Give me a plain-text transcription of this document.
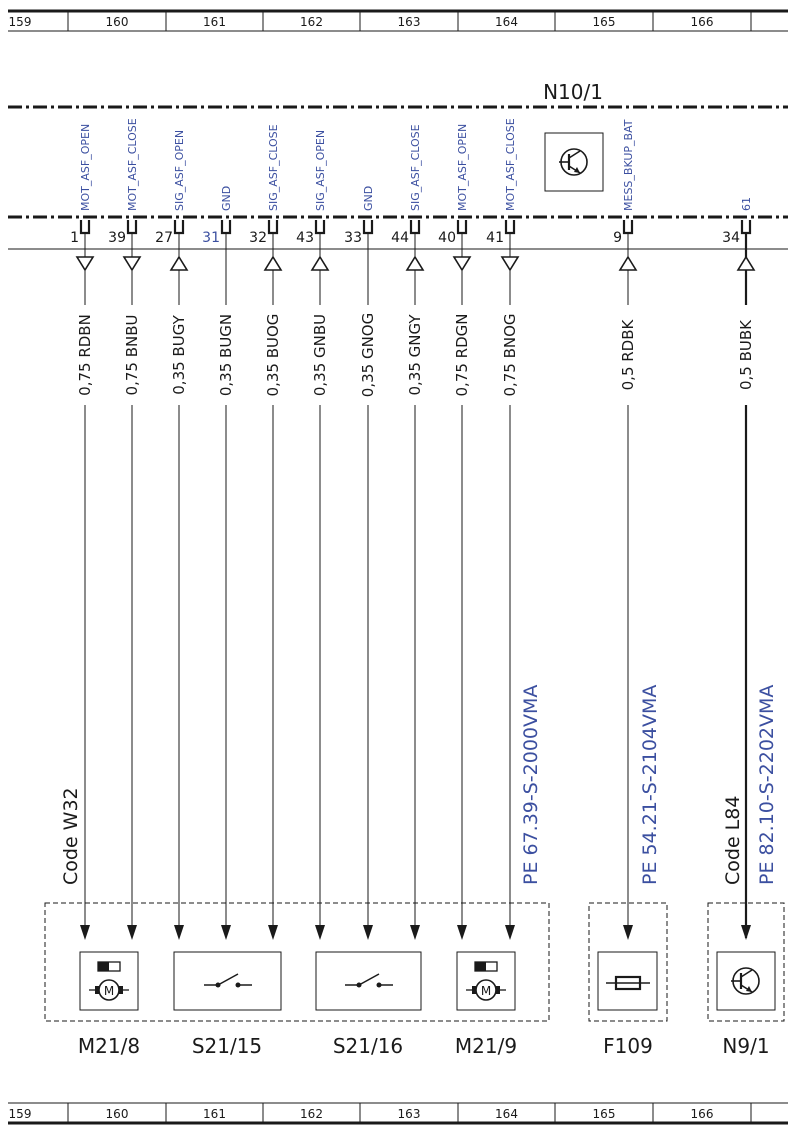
159	160	161	162	163	164	165	166
159	160	161	162	163	164	165	166
N10/1
MOT_ASF_OPEN
1
0,75 RDBN
MOT_ASF_CLOSE
39
0,75 BNBU
SIG_ASF_OPEN
27
0,35 BUGY
GND
31
0,35 BUGN
SIG_ASF_CLOSE
32
0,35 BUOG
SIG_ASF_OPEN
43
0,35 GNBU
GND
33
0,35 GNOG
SIG_ASF_CLOSE
44
0,35 GNGY
MOT_ASF_OPEN
40
0,75 RDGN
MOT_ASF_CLOSE
41
0,75 BNOG
MESS_BKUP_BAT
9
0,5 RDBK
61
34
0,5 BUBK
Code W32	PE 67.39-S-2000VMA	PE 54.21-S-2104VMA	Code L84 PE 82.10-S-2202VMA
M	M
M21/8	S21/15	S21/16	M21/9	F109	N9/1
